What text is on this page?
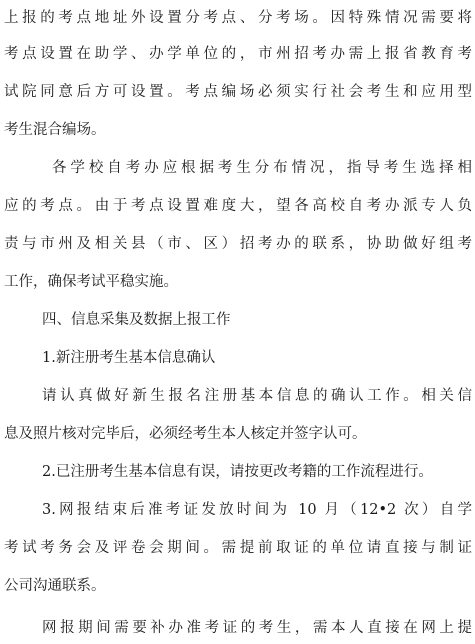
上报的考点地址外设置分考点、分考场。因特殊情况需要将
考点设置在助学、办学单位的，市州招考办需上报省教育考
试院同意后方可设置。考点编场必须实行社会考生和应用型
考生混合编场。
各学校自考办应根据考生分布情况，指导考生选择相
应的考点。由于考点设置难度大，望各高校自考办派专人负
责与市州及相关县（市、区）招考办的联系，协助做好组考
工作，确保考试平稳实施。
四、信息采集及数据上报工作
1.新注册考生基本信息确认
请认真做好新生报名注册基本信息的确认工作。相关信
息及照片核对完毕后，必须经考生本人核定并签字认可。
2.已注册考生基本信息有误，请按更改考籍的工作流程进行。
3.网报结束后准考证发放时间为 10 月（12•2 次）自学
考试考务会及评卷会期间。需提前取证的单位请直接与制证
公司沟通联系。
网报期间需要补办准考证的考生，需本人直接在网上提
